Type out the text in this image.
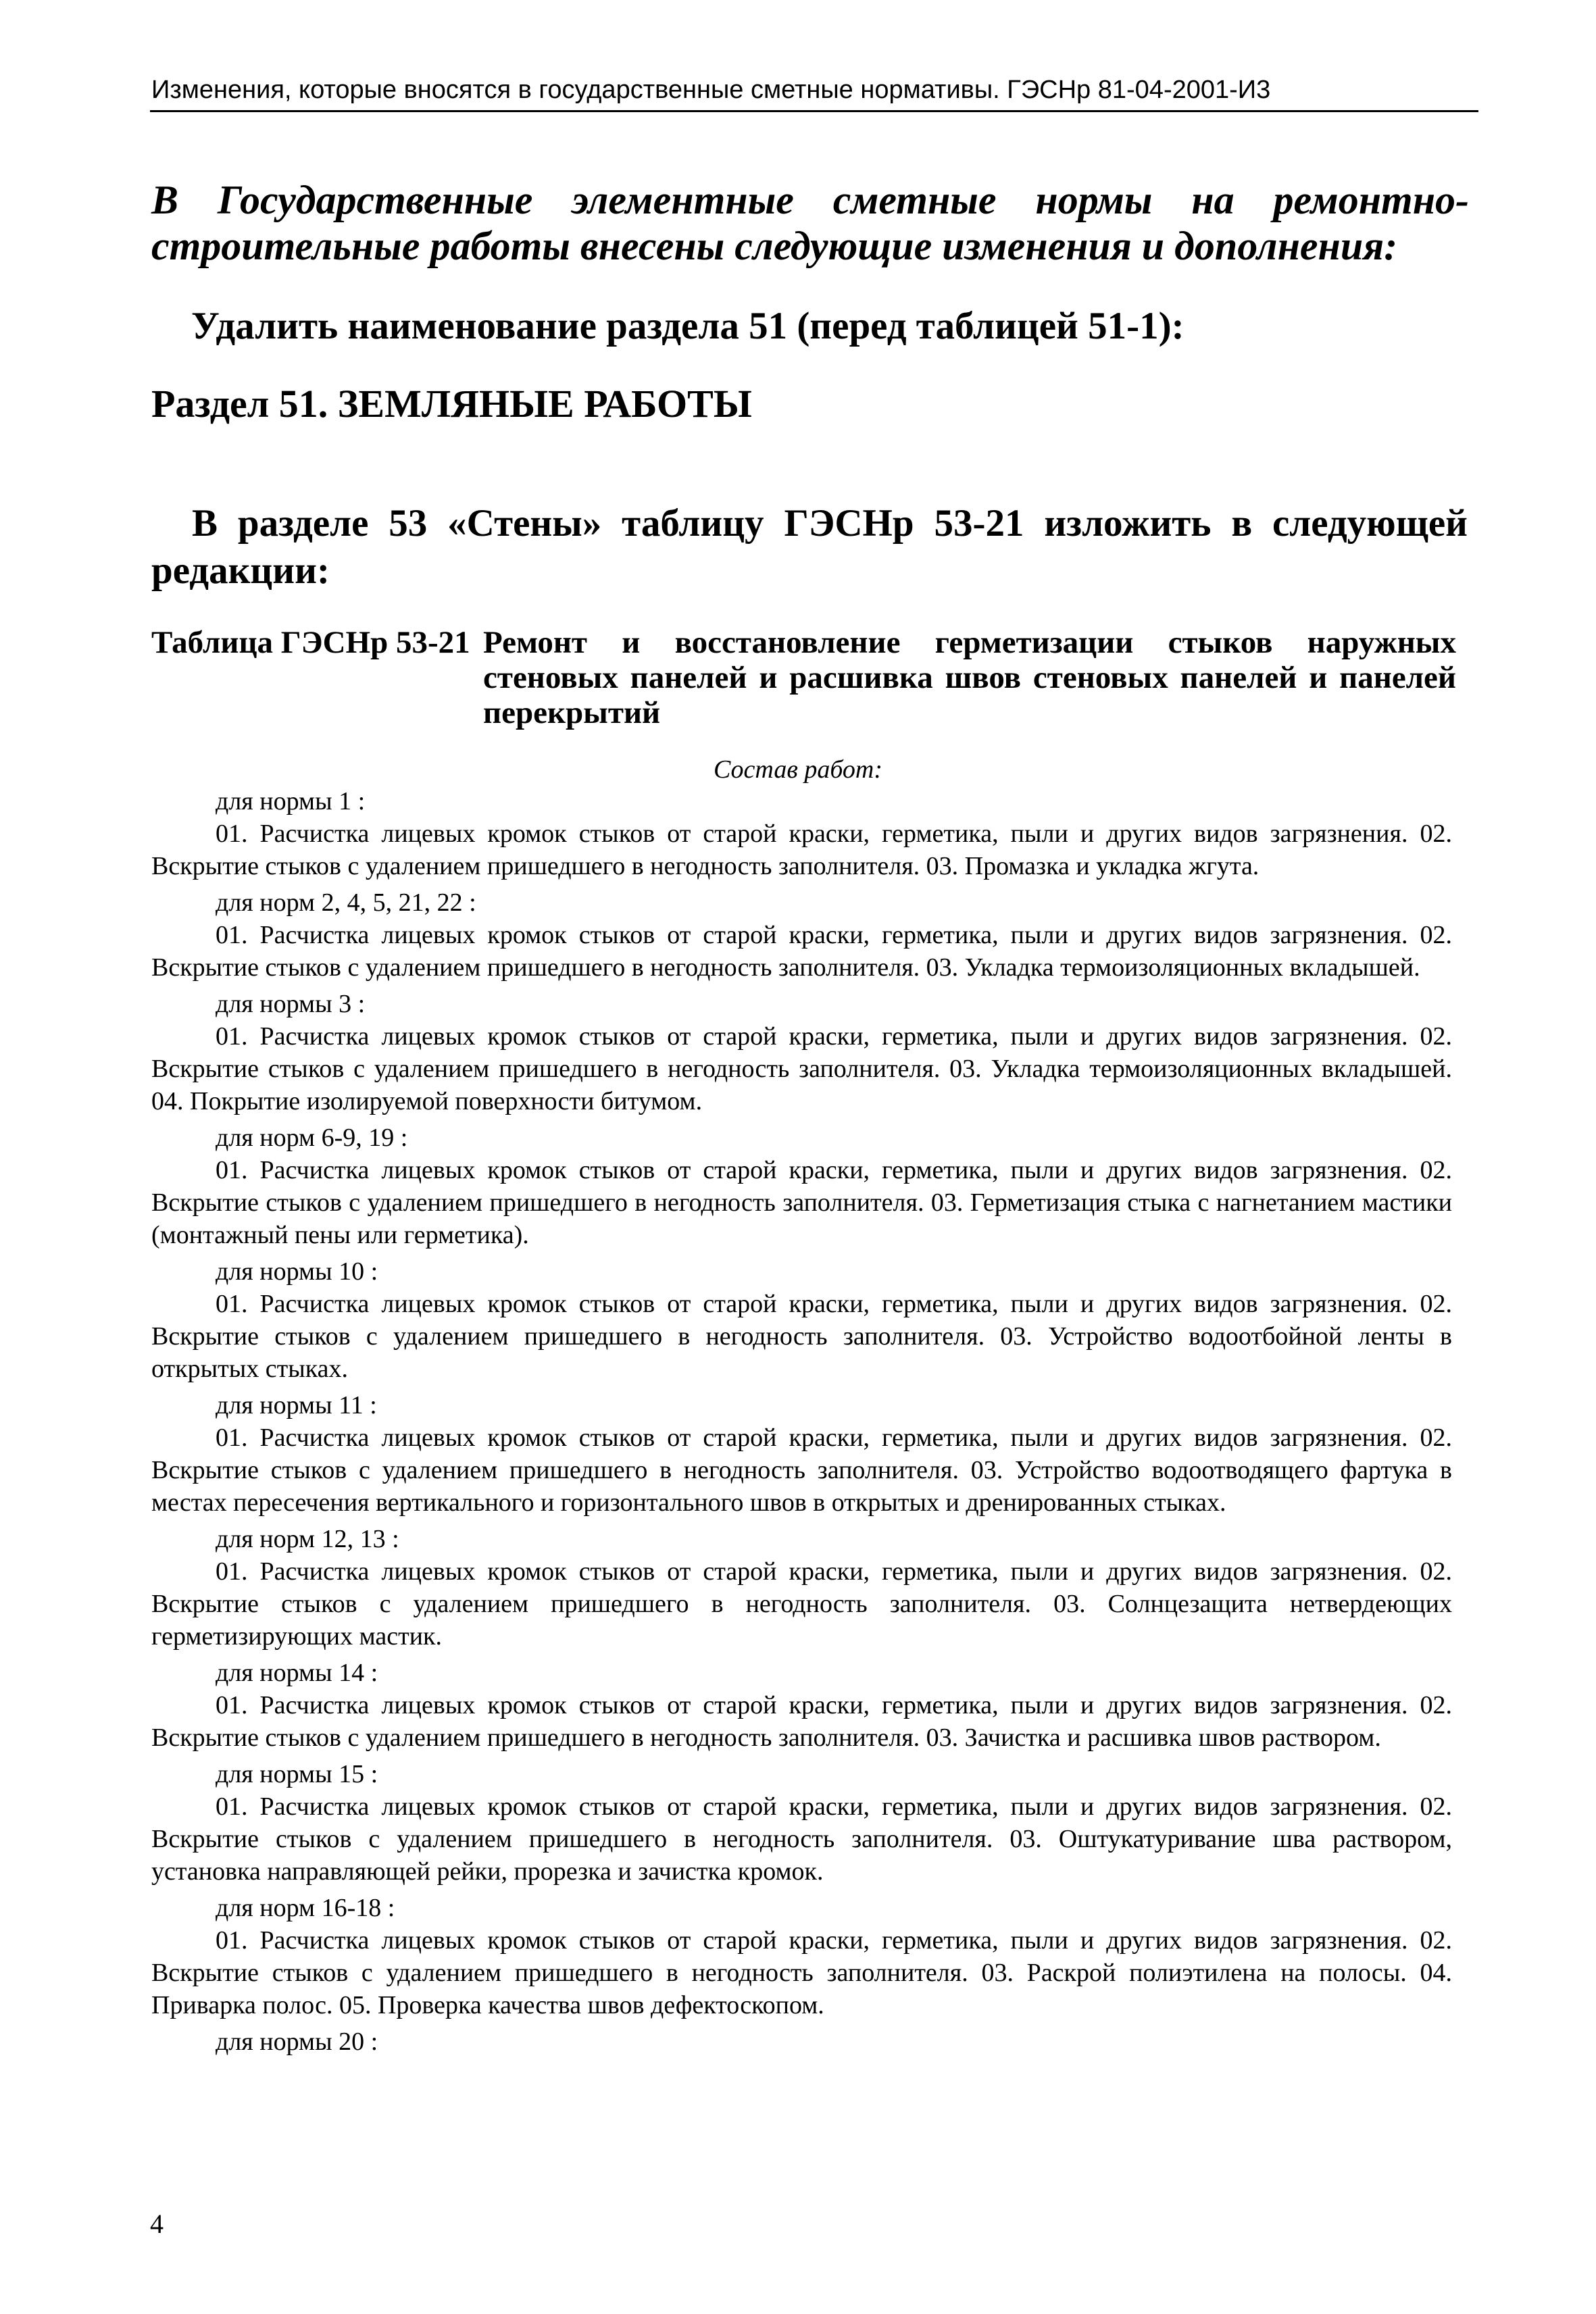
Изменения, которые вносятся в государственные сметные нормативы. ГЭСНр 81-04-2001-И3
В Государственные элементные сметные нормы на ремонтно-строительные работы внесены следующие изменения и дополнения:
Удалить наименование раздела 51 (перед таблицей 51-1):
Раздел 51. ЗЕМЛЯНЫЕ РАБОТЫ
В разделе 53 «Стены» таблицу ГЭСНр 53-21 изложить в следующей редакции:
Таблица ГЭСНр 53-21 Ремонт и восстановление герметизации стыков наружных стеновых панелей и расшивка швов стеновых панелей и панелей перекрытий
Состав работ:

для нормы 1 :

01. Расчистка лицевых кромок стыков от старой краски, герметика, пыли и других видов загрязнения. 02. Вскрытие стыков с удалением пришедшего в негодность заполнителя. 03. Промазка и укладка жгута.

для норм 2, 4, 5, 21, 22 :

01. Расчистка лицевых кромок стыков от старой краски, герметика, пыли и других видов загрязнения. 02. Вскрытие стыков с удалением пришедшего в негодность заполнителя. 03. Укладка термоизоляционных вкладышей.

для нормы 3 :

01. Расчистка лицевых кромок стыков от старой краски, герметика, пыли и других видов загрязнения. 02. Вскрытие стыков с удалением пришедшего в негодность заполнителя. 03. Укладка термоизоляционных вкладышей. 04. Покрытие изолируемой поверхности битумом.

для норм 6-9, 19 :

01. Расчистка лицевых кромок стыков от старой краски, герметика, пыли и других видов загрязнения. 02. Вскрытие стыков с удалением пришедшего в негодность заполнителя. 03. Герметизация стыка с нагнетанием мастики (монтажный пены или герметика).

для нормы 10 :

01. Расчистка лицевых кромок стыков от старой краски, герметика, пыли и других видов загрязнения. 02. Вскрытие стыков с удалением пришедшего в негодность заполнителя. 03. Устройство водоотбойной ленты в открытых стыках.

для нормы 11 :

01. Расчистка лицевых кромок стыков от старой краски, герметика, пыли и других видов загрязнения. 02. Вскрытие стыков с удалением пришедшего в негодность заполнителя. 03. Устройство водоотводящего фартука в местах пересечения вертикального и горизонтального швов в открытых и дренированных стыках.

для норм 12, 13 :

01. Расчистка лицевых кромок стыков от старой краски, герметика, пыли и других видов загрязнения. 02. Вскрытие стыков с удалением пришедшего в негодность заполнителя. 03. Солнцезащита нетвердеющих герметизирующих мастик.

для нормы 14 :

01. Расчистка лицевых кромок стыков от старой краски, герметика, пыли и других видов загрязнения. 02. Вскрытие стыков с удалением пришедшего в негодность заполнителя. 03. Зачистка и расшивка швов раствором.

для нормы 15 :

01. Расчистка лицевых кромок стыков от старой краски, герметика, пыли и других видов загрязнения. 02. Вскрытие стыков с удалением пришедшего в негодность заполнителя. 03. Оштукатуривание шва раствором, установка направляющей рейки, прорезка и зачистка кромок.

для норм 16-18 :

01. Расчистка лицевых кромок стыков от старой краски, герметика, пыли и других видов загрязнения. 02. Вскрытие стыков с удалением пришедшего в негодность заполнителя. 03. Раскрой полиэтилена на полосы. 04. Приварка полос. 05. Проверка качества швов дефектоскопом.

для нормы 20 :

4
